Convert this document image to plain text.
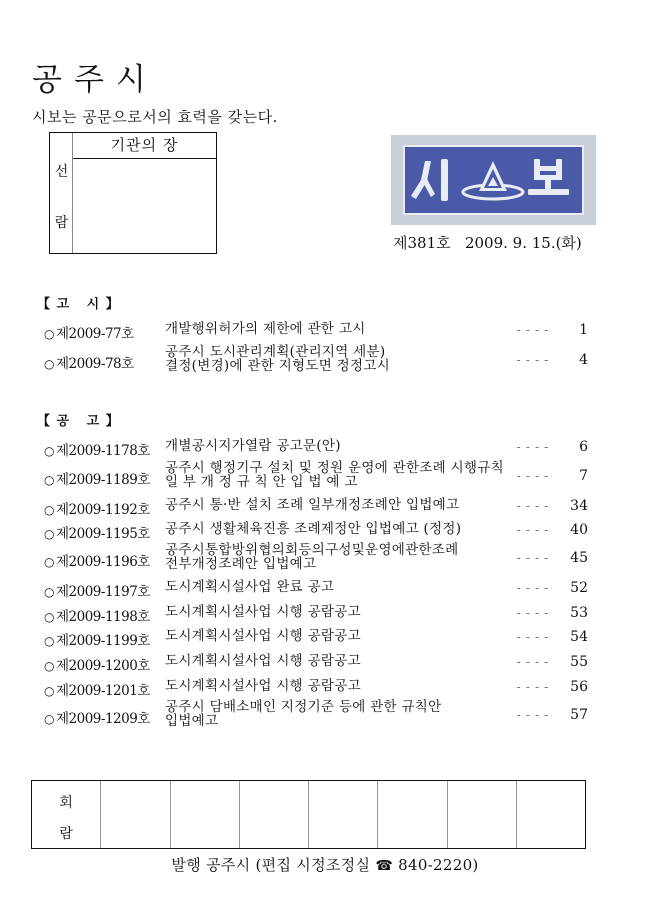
공주시
시보는 공문으로서의 효력을 갖는다.
선
람
기관의 장
제381호 2009. 9. 15.(화)
【 고   시 】
○ 제2009-77호 개발행위허가의 제한에 관한 고시	---- 1
○ 제2009-78호
공주시 도시관리계획(관리지역 세분)
결정(변경)에 관한 지형도면 정정고시	---- 4
【 공   고 】
○ 제2009-1178호 개별공시지가열람 공고문(안)	---- 6
○ 제2009-1189호
공주시 행정기구 설치 및 정원 운영에 관한조례 시행규칙
일 부 개 정 규 칙 안 입 법 예 고	---- 7
○ 제2009-1192호 공주시 통·반 설치 조례 일부개정조례안 입법예고	---- 34
○ 제2009-1195호 공주시 생활체육진흥 조례제정안 입법예고 (정정)	---- 40
○ 제2009-1196호
공주시통합방위협의회등의구성및운영에관한조례
전부개정조례안 입법예고	---- 45
○ 제2009-1197호 도시계획시설사업 완료 공고	---- 52
○ 제2009-1198호 도시계획시설사업 시행 공람공고	---- 53
○ 제2009-1199호 도시계획시설사업 시행 공람공고	---- 54
○ 제2009-1200호 도시계획시설사업 시행 공람공고	---- 55
○ 제2009-1201호 도시계획시설사업 시행 공람공고	---- 56
○ 제2009-1209호
공주시 담배소매인 지정기준 등에 관한 규칙안
입법예고	---- 57
회
람
발행 공주시 (편집 시정조정실 ☎ 840-2220)
